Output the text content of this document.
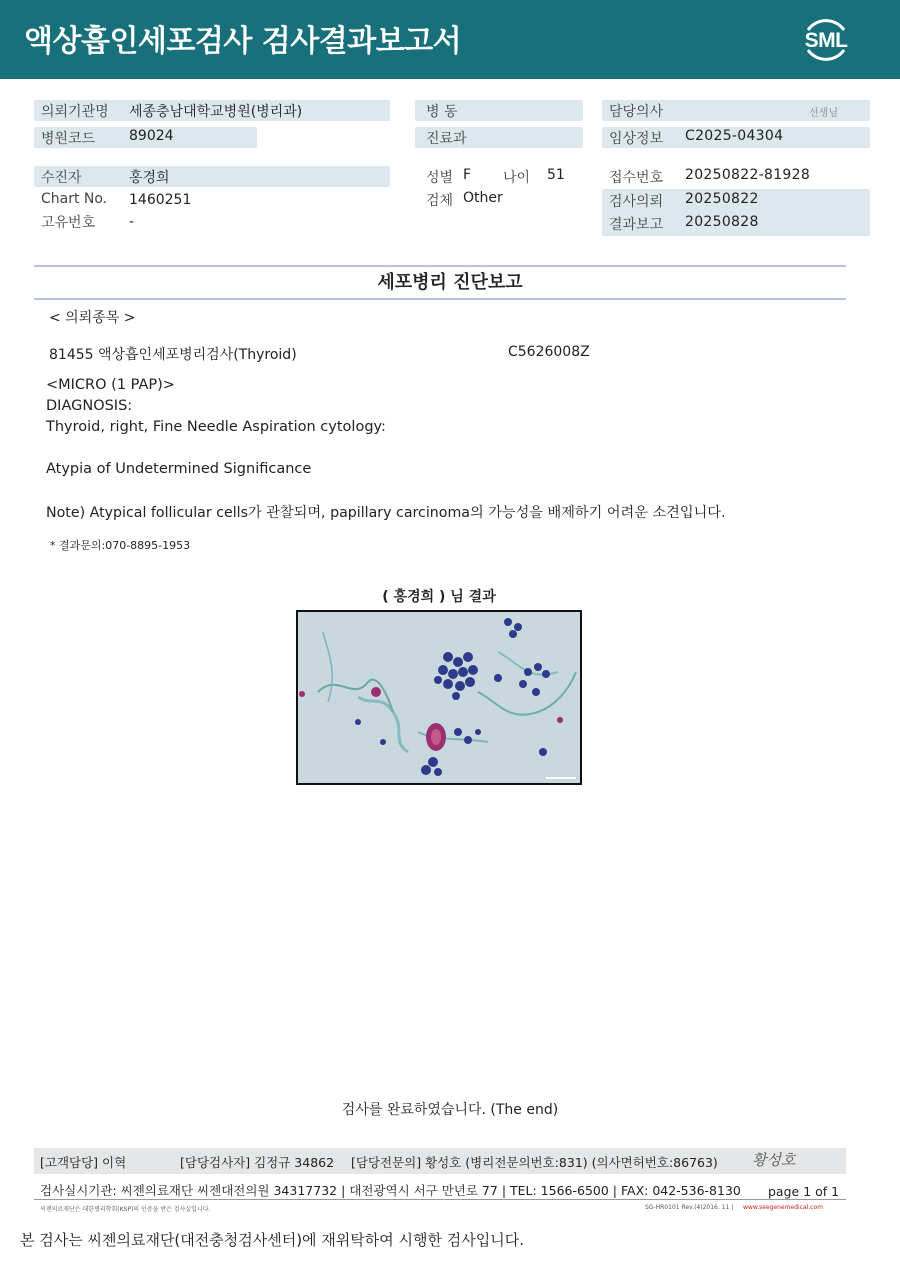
액상흡인세포검사 검사결과보고서	SML
의뢰기관명 세종충남대학교병원(병리과)
병원코드 89024
수진자	홍경희
Chart No. 1460251
고유번호 -
병 동
진료과
성별 F 나이 51
검체 Other
담당의사	선생님
임상정보 C2025-04304
접수번호 20250822-81928
검사의뢰 20250822
결과보고 20250828
세포병리 진단보고
< 의뢰종목 >
81455 액상흡인세포병리검사(Thyroid)	C5626008Z
<MICRO (1 PAP)>
DIAGNOSIS:
Thyroid, right, Fine Needle Aspiration cytology:
Atypia of Undetermined Significance
Note) Atypical follicular cells가 관찰되며, papillary carcinoma의 가능성을 배제하기 어려운 소견입니다.
* 결과문의:070-8895-1953
( 홍경희 ) 님 결과
검사를 완료하였습니다. (The end)
[고객담당] 이혁	[담당검사자] 김정규 34862 [담당전문의] 황성호 (병리전문의번호:831) (의사면허번호:86763) 황성호
검사실시기관: 씨젠의료재단 씨젠대전의원 34317732 | 대전광역시 서구 만년로 77 | TEL: 1566-6500 | FAX: 042-536-8130 page 1 of 1
씨젠의료재단은 대한병리학회(KSP)의 인증을 받은 검사실입니다.	SG-HR0101 Rev.(4)2016. 11 | www.seegenemedical.com
본 검사는 씨젠의료재단(대전충청검사센터)에 재위탁하여 시행한 검사입니다.
